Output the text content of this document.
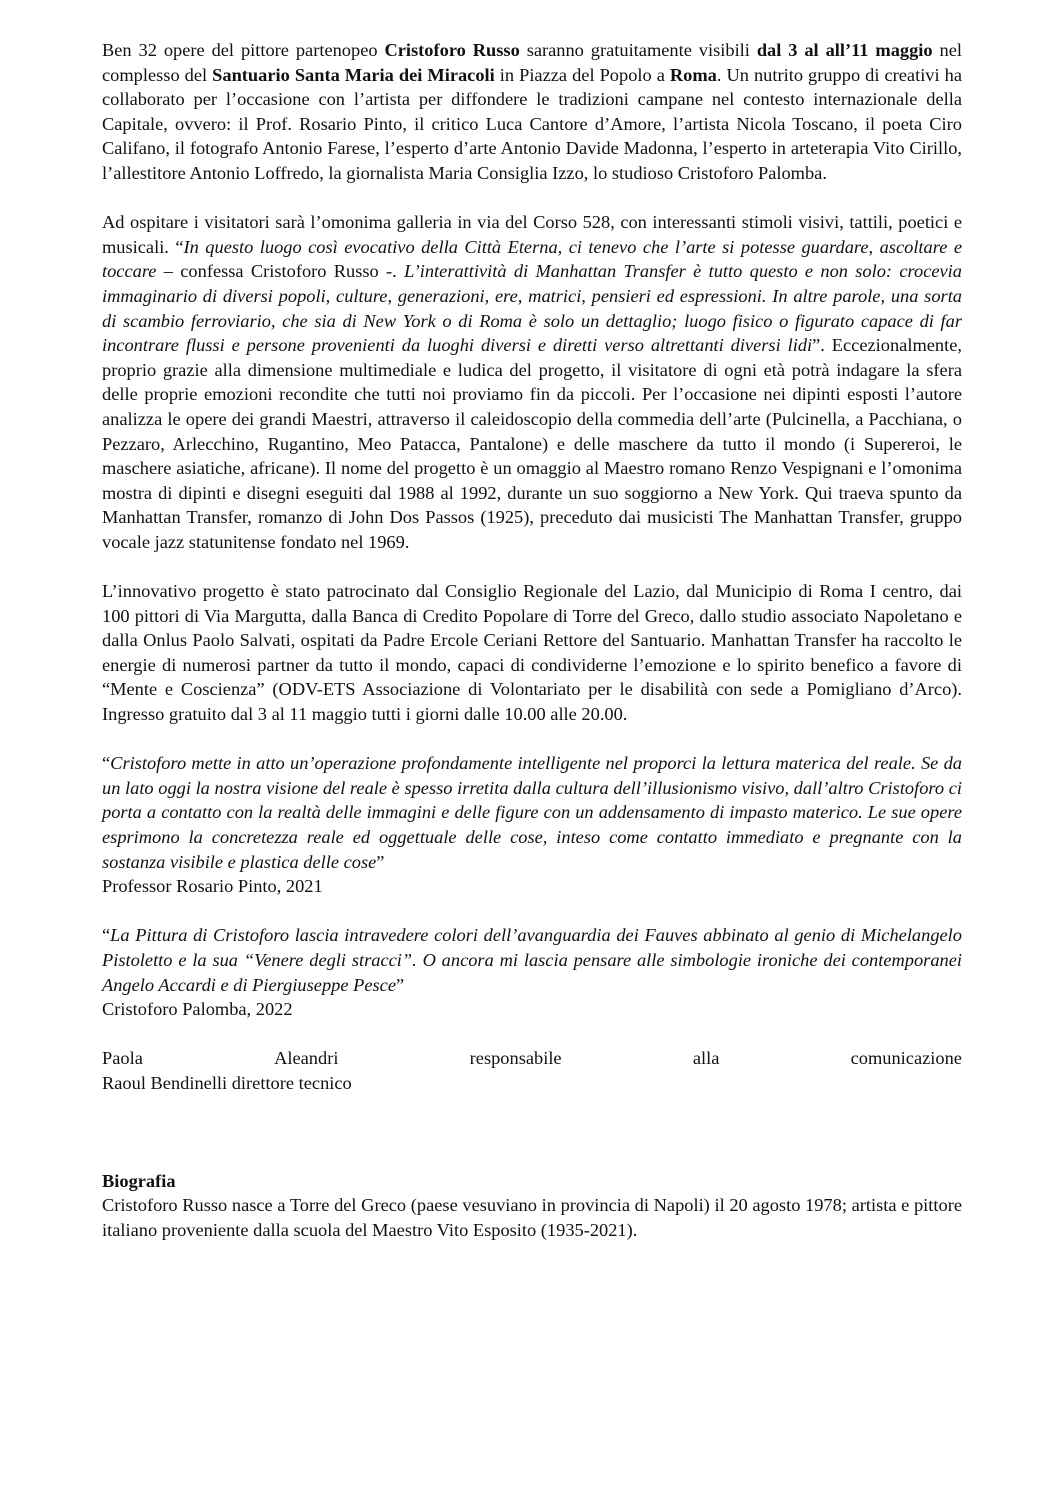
Ben 32 opere del pittore partenopeo Cristoforo Russo saranno gratuitamente visibili dal 3 al all’11 maggio nel complesso del Santuario Santa Maria dei Miracoli in Piazza del Popolo a Roma. Un nutrito gruppo di creativi ha collaborato per l’occasione con l’artista per diffondere le tradizioni campane nel contesto internazionale della Capitale, ovvero: il Prof. Rosario Pinto, il critico Luca Cantore d’Amore, l’artista Nicola Toscano, il poeta Ciro Califano, il fotografo Antonio Farese, l’esperto d’arte Antonio Davide Madonna, l’esperto in arteterapia Vito Cirillo, l’allestitore Antonio Loffredo, la giornalista Maria Consiglia Izzo, lo studioso Cristoforo Palomba.

Ad ospitare i visitatori sarà l’omonima galleria in via del Corso 528, con interessanti stimoli visivi, tattili, poetici e musicali. “In questo luogo così evocativo della Città Eterna, ci tenevo che l’arte si potesse guardare, ascoltare e toccare – confessa Cristoforo Russo -. L’interattività di Manhattan Transfer è tutto questo e non solo: crocevia immaginario di diversi popoli, culture, generazioni, ere, matrici, pensieri ed espressioni. In altre parole, una sorta di scambio ferroviario, che sia di New York o di Roma è solo un dettaglio; luogo fisico o figurato capace di far incontrare flussi e persone provenienti da luoghi diversi e diretti verso altrettanti diversi lidi”. Eccezionalmente, proprio grazie alla dimensione multimediale e ludica del progetto, il visitatore di ogni età potrà indagare la sfera delle proprie emozioni recondite che tutti noi proviamo fin da piccoli. Per l’occasione nei dipinti esposti l’autore analizza le opere dei grandi Maestri, attraverso il caleidoscopio della commedia dell’arte (Pulcinella, a Pacchiana, o Pezzaro, Arlecchino, Rugantino, Meo Patacca, Pantalone) e delle maschere da tutto il mondo (i Supereroi, le maschere asiatiche, africane). Il nome del progetto è un omaggio al Maestro romano Renzo Vespignani e l’omonima mostra di dipinti e disegni eseguiti dal 1988 al 1992, durante un suo soggiorno a New York. Qui traeva spunto da Manhattan Transfer, romanzo di John Dos Passos (1925), preceduto dai musicisti The Manhattan Transfer, gruppo vocale jazz statunitense fondato nel 1969.

L’innovativo progetto è stato patrocinato dal Consiglio Regionale del Lazio, dal Municipio di Roma I centro, dai 100 pittori di Via Margutta, dalla Banca di Credito Popolare di Torre del Greco, dallo studio associato Napoletano e dalla Onlus Paolo Salvati, ospitati da Padre Ercole Ceriani Rettore del Santuario. Manhattan Transfer ha raccolto le energie di numerosi partner da tutto il mondo, capaci di condividerne l’emozione e lo spirito benefico a favore di “Mente e Coscienza” (ODV-ETS Associazione di Volontariato per le disabilità con sede a Pomigliano d’Arco). Ingresso gratuito dal 3 al 11 maggio tutti i giorni dalle 10.00 alle 20.00.

“Cristoforo mette in atto un’operazione profondamente intelligente nel proporci la lettura materica del reale. Se da un lato oggi la nostra visione del reale è spesso irretita dalla cultura dell’illusionismo visivo, dall’altro Cristoforo ci porta a contatto con la realtà delle immagini e delle figure con un addensamento di impasto materico. Le sue opere esprimono la concretezza reale ed oggettuale delle cose, inteso come contatto immediato e pregnante con la sostanza visibile e plastica delle cose”
Professor Rosario Pinto, 2021

“La Pittura di Cristoforo lascia intravedere colori dell’avanguardia dei Fauves abbinato al genio di Michelangelo Pistoletto e la sua “Venere degli stracci”. O ancora mi lascia pensare alle simbologie ironiche dei contemporanei Angelo Accardi e di Piergiuseppe Pesce”
Cristoforo Palomba, 2022

Paola	Aleandri	responsabile	alla	comunicazione
Raoul Bendinelli direttore tecnico
Biografia

Cristoforo Russo nasce a Torre del Greco (paese vesuviano in provincia di Napoli) il 20 agosto 1978; artista e pittore italiano proveniente dalla scuola del Maestro Vito Esposito (1935-2021).
